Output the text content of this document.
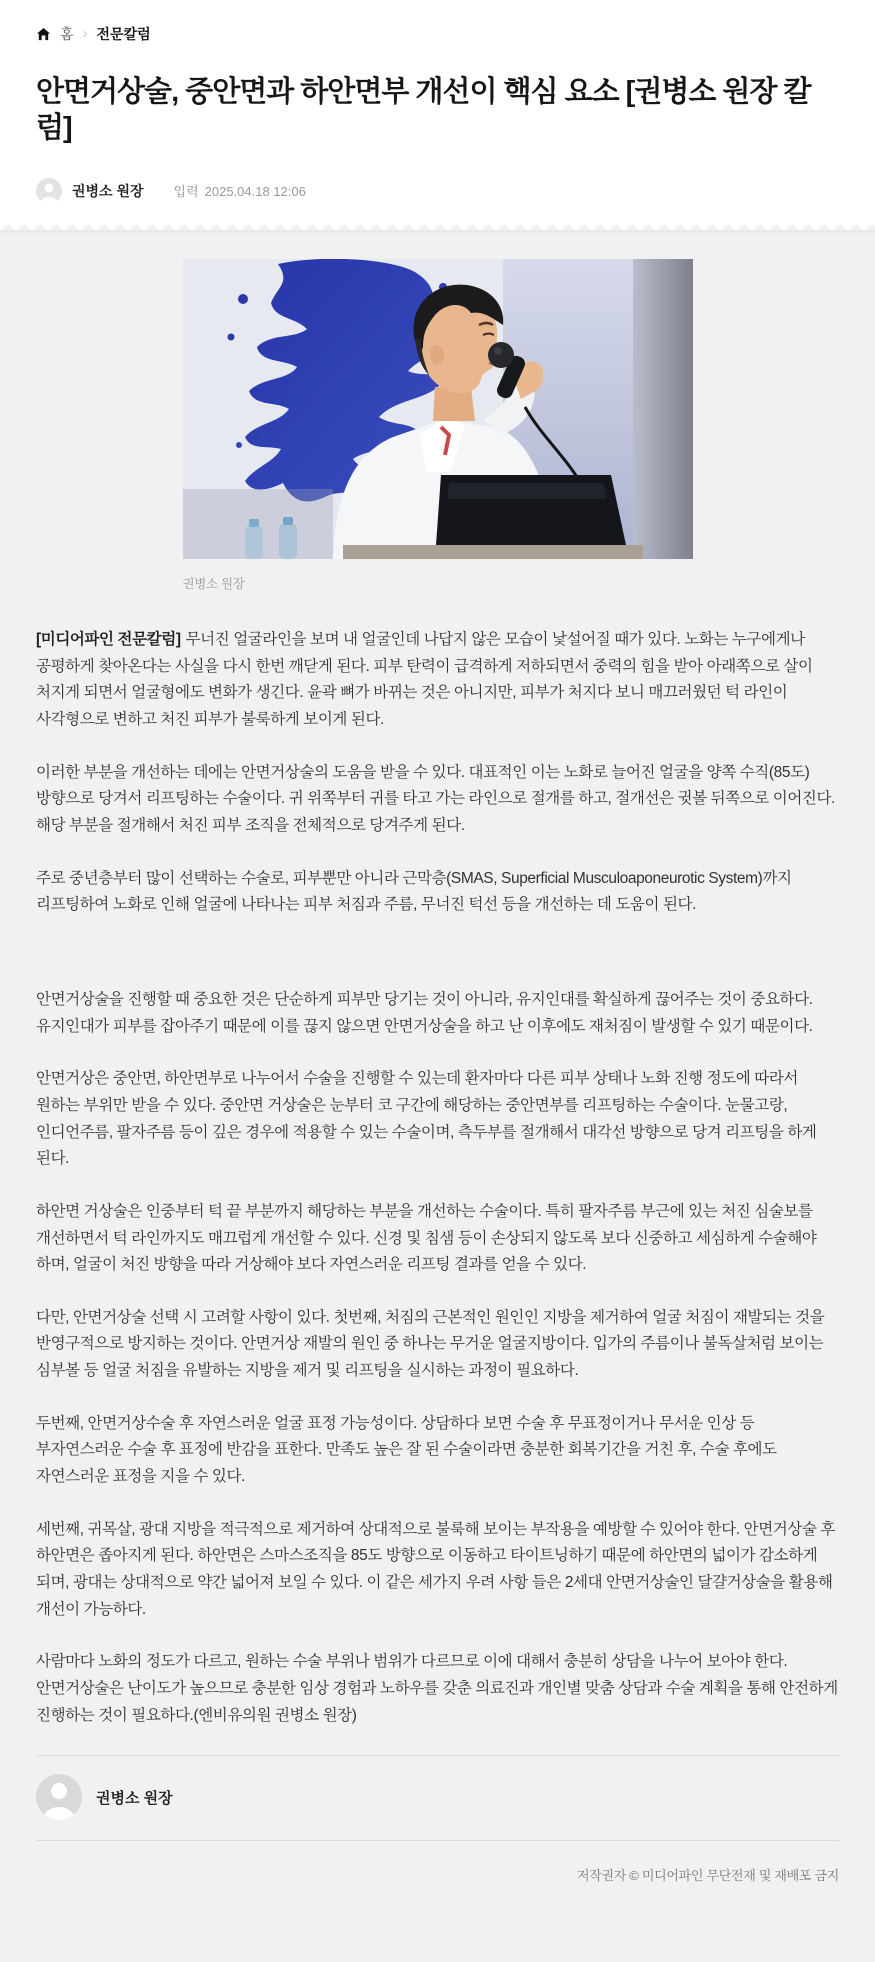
홈 › 전문칼럼
안면거상술, 중안면과 하안면부 개선이 핵심 요소 [권병소 원장 칼럼]
권병소 원장 입력 2025.04.18 12:06
권병소 원장

[미디어파인 전문칼럼] 무너진 얼굴라인을 보며 내 얼굴인데 나답지 않은 모습이 낯설어질 때가 있다. 노화는 누구에게나 공평하게 찾아온다는 사실을 다시 한번 깨닫게 된다. 피부 탄력이 급격하게 저하되면서 중력의 힘을 받아 아래쪽으로 살이 처지게 되면서 얼굴형에도 변화가 생긴다. 윤곽 뼈가 바뀌는 것은 아니지만, 피부가 처지다 보니 매끄러웠던 턱 라인이 사각형으로 변하고 처진 피부가 불룩하게 보이게 된다.

이러한 부분을 개선하는 데에는 안면거상술의 도움을 받을 수 있다. 대표적인 이는 노화로 늘어진 얼굴을 양쪽 수직(85도) 방향으로 당겨서 리프팅하는 수술이다. 귀 위쪽부터 귀를 타고 가는 라인으로 절개를 하고, 절개선은 귓볼 뒤쪽으로 이어진다. 해당 부분을 절개해서 처진 피부 조직을 전체적으로 당겨주게 된다.

주로 중년층부터 많이 선택하는 수술로, 피부뿐만 아니라 근막층(SMAS, Superficial Musculoaponeurotic System)까지 리프팅하여 노화로 인해 얼굴에 나타나는 피부 처짐과 주름, 무너진 턱선 등을 개선하는 데 도움이 된다.

안면거상술을 진행할 때 중요한 것은 단순하게 피부만 당기는 것이 아니라, 유지인대를 확실하게 끊어주는 것이 중요하다. 유지인대가 피부를 잡아주기 때문에 이를 끊지 않으면 안면거상술을 하고 난 이후에도 재처짐이 발생할 수 있기 때문이다.

안면거상은 중안면, 하안면부로 나누어서 수술을 진행할 수 있는데 환자마다 다른 피부 상태나 노화 진행 정도에 따라서 원하는 부위만 받을 수 있다. 중안면 거상술은 눈부터 코 구간에 해당하는 중안면부를 리프팅하는 수술이다. 눈물고랑, 인디언주름, 팔자주름 등이 깊은 경우에 적용할 수 있는 수술이며, 측두부를 절개해서 대각선 방향으로 당겨 리프팅을 하게 된다.

하안면 거상술은 인중부터 턱 끝 부분까지 해당하는 부분을 개선하는 수술이다. 특히 팔자주름 부근에 있는 처진 심술보를 개선하면서 턱 라인까지도 매끄럽게 개선할 수 있다. 신경 및 침샘 등이 손상되지 않도록 보다 신중하고 세심하게 수술해야 하며, 얼굴이 처진 방향을 따라 거상해야 보다 자연스러운 리프팅 결과를 얻을 수 있다.

다만, 안면거상술 선택 시 고려할 사항이 있다. 첫번째, 처짐의 근본적인 원인인 지방을 제거하여 얼굴 처짐이 재발되는 것을 반영구적으로 방지하는 것이다. 안면거상 재발의 원인 중 하나는 무거운 얼굴지방이다. 입가의 주름이나 불독살처럼 보이는 심부볼 등 얼굴 처짐을 유발하는 지방을 제거 및 리프팅을 실시하는 과정이 필요하다.

두번째, 안면거상수술 후 자연스러운 얼굴 표정 가능성이다. 상담하다 보면 수술 후 무표정이거나 무서운 인상 등 부자연스러운 수술 후 표정에 반감을 표한다. 만족도 높은 잘 된 수술이라면 충분한 회복기간을 거친 후, 수술 후에도 자연스러운 표정을 지을 수 있다.

세번째, 귀목살, 광대 지방을 적극적으로 제거하여 상대적으로 불룩해 보이는 부작용을 예방할 수 있어야 한다. 안면거상술 후 하안면은 좁아지게 된다. 하안면은 스마스조직을 85도 방향으로 이동하고 타이트닝하기 때문에 하안면의 넓이가 감소하게 되며, 광대는 상대적으로 약간 넓어져 보일 수 있다. 이 같은 세가지 우려 사항 들은 2세대 안면거상술인 달걀거상술을 활용해 개선이 가능하다.

사람마다 노화의 정도가 다르고, 원하는 수술 부위나 범위가 다르므로 이에 대해서 충분히 상담을 나누어 보아야 한다. 안면거상술은 난이도가 높으므로 충분한 임상 경험과 노하우를 갖춘 의료진과 개인별 맞춤 상담과 수술 계획을 통해 안전하게 진행하는 것이 필요하다.(엔비유의원 권병소 원장)

권병소 원장
저작권자 © 미디어파인 무단전재 및 재배포 금지
